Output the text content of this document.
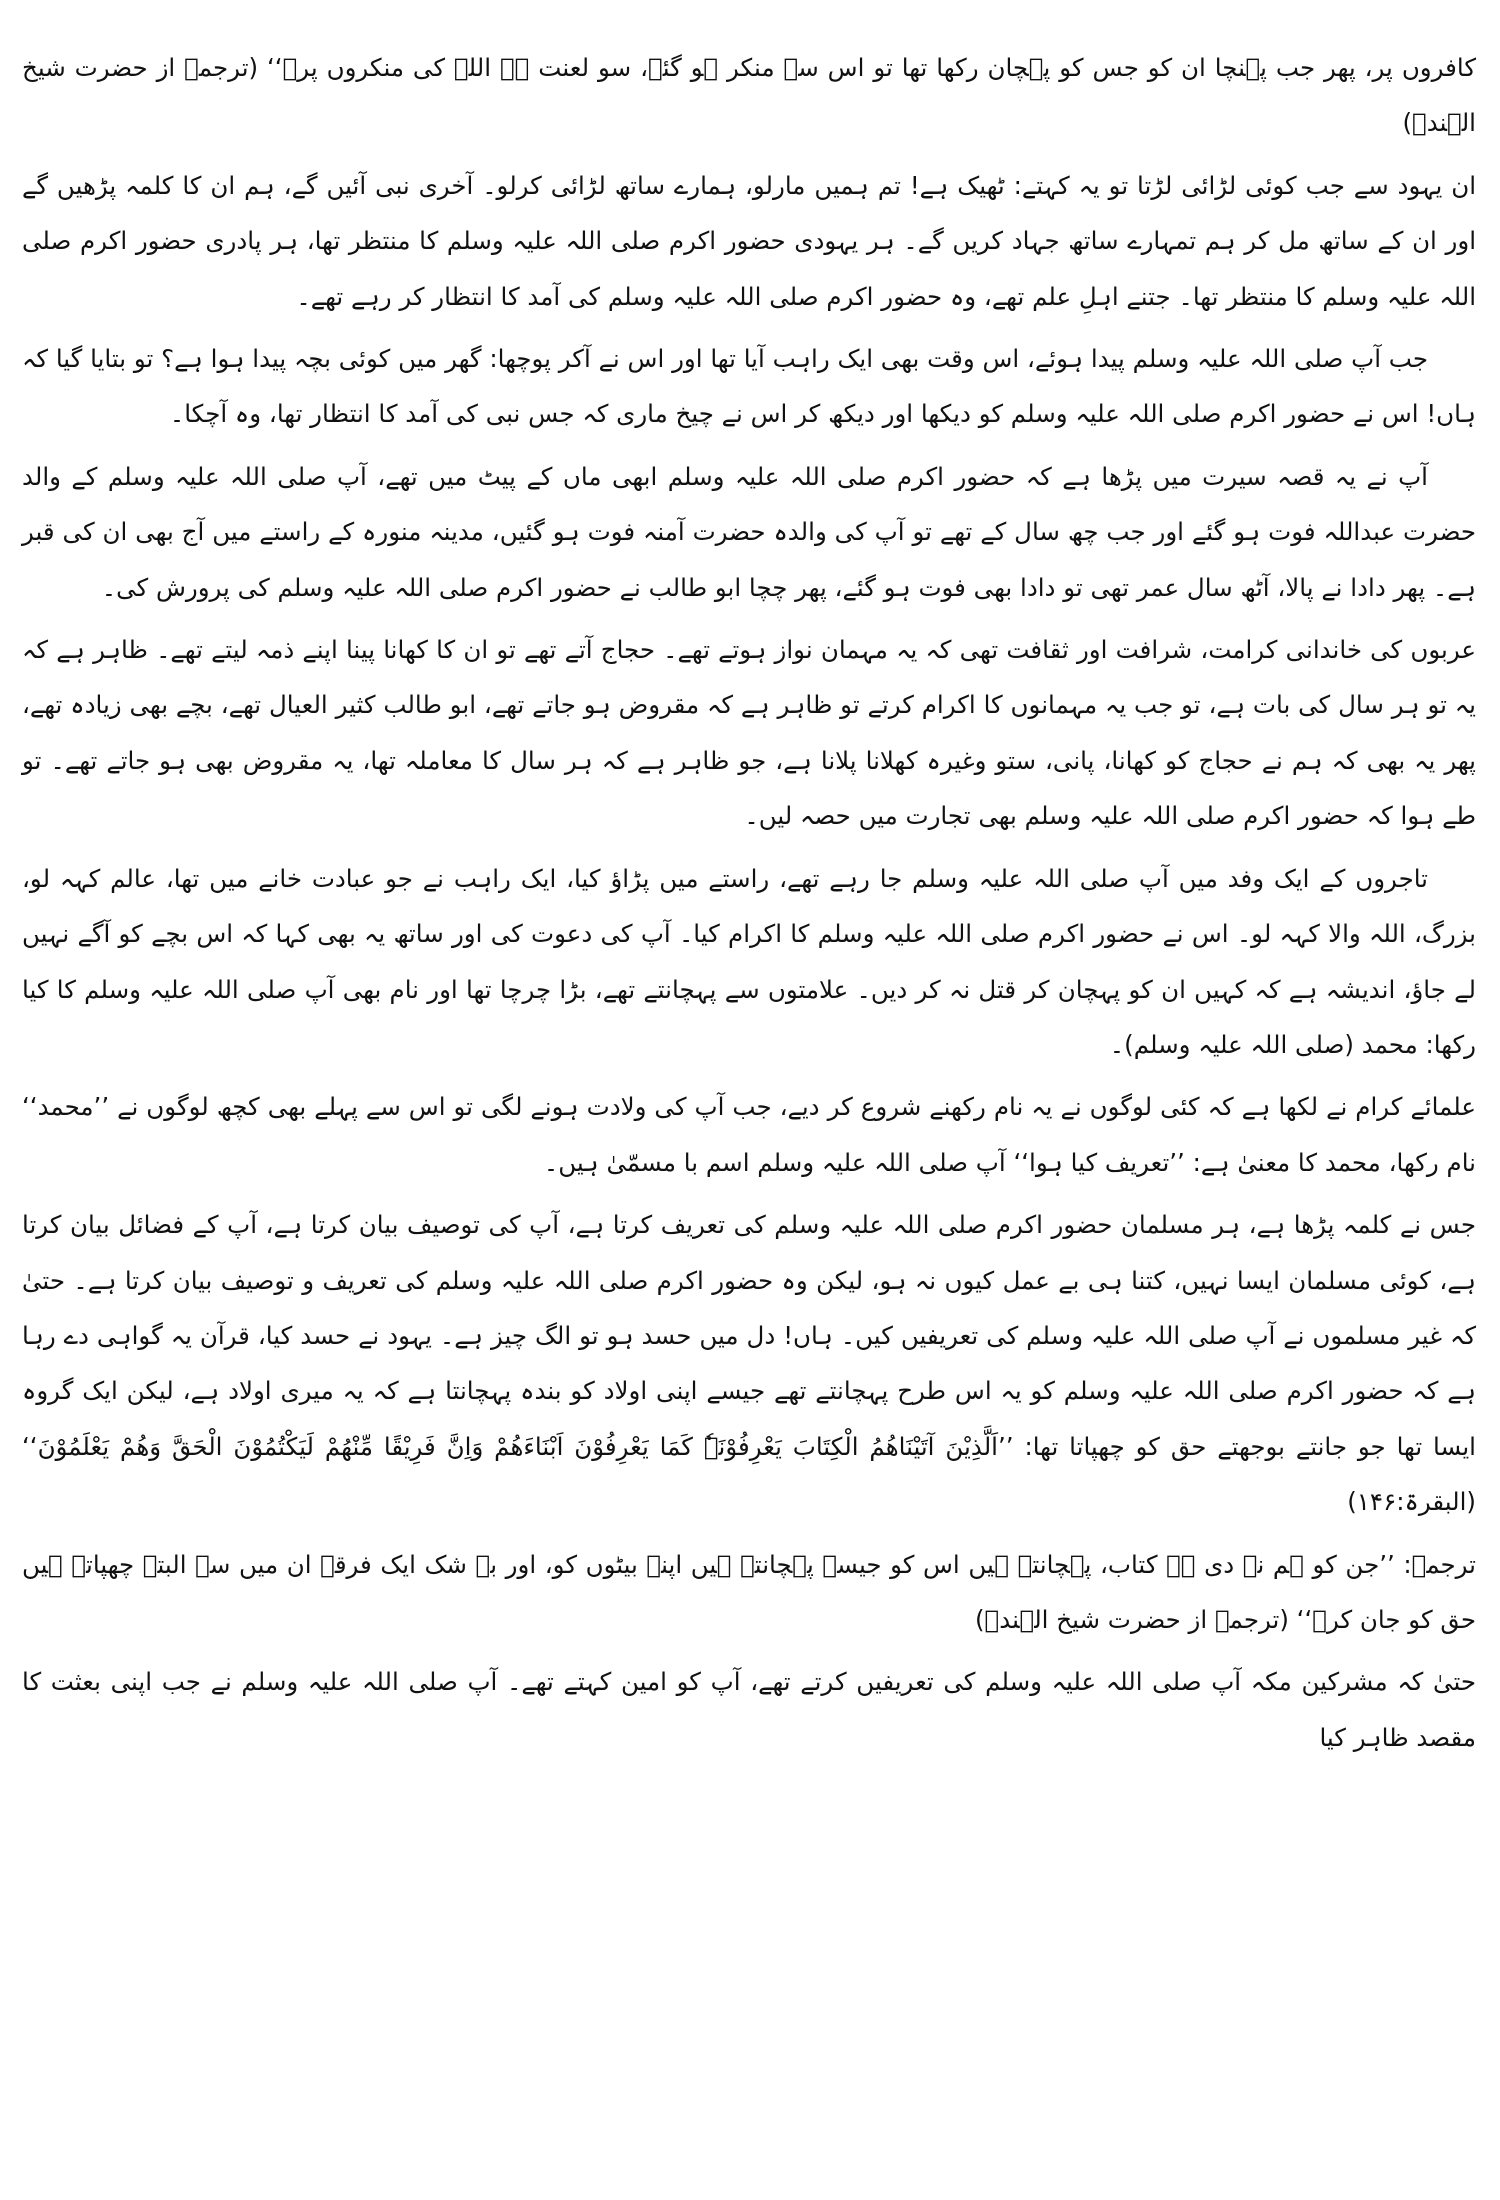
کافروں پر، پھر جب پہنچا ان کو جس کو پہچان رکھا تھا تو اس سے منکر ہو گئے، سو لعنت ہے اللہ کی منکروں پر۔‘‘ (ترجمہ از حضرت شیخ الہندؒ)

ان یہود سے جب کوئی لڑائی لڑتا تو یہ کہتے: ٹھیک ہے! تم ہمیں مارلو، ہمارے ساتھ لڑائی کرلو۔ آخری نبی آئیں گے، ہم ان کا کلمہ پڑھیں گے اور ان کے ساتھ مل کر ہم تمہارے ساتھ جہاد کریں گے۔ ہر یہودی حضور اکرم صلی اللہ علیہ وسلم کا منتظر تھا، ہر پادری حضور اکرم صلی اللہ علیہ وسلم کا منتظر تھا۔ جتنے اہلِ علم تھے، وہ حضور اکرم صلی اللہ علیہ وسلم کی آمد کا انتظار کر رہے تھے۔

جب آپ صلی اللہ علیہ وسلم پیدا ہوئے، اس وقت بھی ایک راہب آیا تھا اور اس نے آکر پوچھا: گھر میں کوئی بچہ پیدا ہوا ہے؟ تو بتایا گیا کہ ہاں! اس نے حضور اکرم صلی اللہ علیہ وسلم کو دیکھا اور دیکھ کر اس نے چیخ ماری کہ جس نبی کی آمد کا انتظار تھا، وہ آچکا۔

آپ نے یہ قصہ سیرت میں پڑھا ہے کہ حضور اکرم صلی اللہ علیہ وسلم ابھی ماں کے پیٹ میں تھے، آپ صلی اللہ علیہ وسلم کے والد حضرت عبداللہ فوت ہو گئے اور جب چھ سال کے تھے تو آپ کی والدہ حضرت آمنہ فوت ہو گئیں، مدینہ منورہ کے راستے میں آج بھی ان کی قبر ہے۔ پھر دادا نے پالا، آٹھ سال عمر تھی تو دادا بھی فوت ہو گئے، پھر چچا ابو طالب نے حضور اکرم صلی اللہ علیہ وسلم کی پرورش کی۔

عربوں کی خاندانی کرامت، شرافت اور ثقافت تھی کہ یہ مہمان نواز ہوتے تھے۔ حجاج آتے تھے تو ان کا کھانا پینا اپنے ذمہ لیتے تھے۔ ظاہر ہے کہ یہ تو ہر سال کی بات ہے، تو جب یہ مہمانوں کا اکرام کرتے تو ظاہر ہے کہ مقروض ہو جاتے تھے، ابو طالب کثیر العیال تھے، بچے بھی زیادہ تھے، پھر یہ بھی کہ ہم نے حجاج کو کھانا، پانی، ستو وغیرہ کھلانا پلانا ہے، جو ظاہر ہے کہ ہر سال کا معاملہ تھا، یہ مقروض بھی ہو جاتے تھے۔ تو طے ہوا کہ حضور اکرم صلی اللہ علیہ وسلم بھی تجارت میں حصہ لیں۔

تاجروں کے ایک وفد میں آپ صلی اللہ علیہ وسلم جا رہے تھے، راستے میں پڑاؤ کیا، ایک راہب نے جو عبادت خانے میں تھا، عالم کہہ لو، بزرگ، اللہ والا کہہ لو۔ اس نے حضور اکرم صلی اللہ علیہ وسلم کا اکرام کیا۔ آپ کی دعوت کی اور ساتھ یہ بھی کہا کہ اس بچے کو آگے نہیں لے جاؤ، اندیشہ ہے کہ کہیں ان کو پہچان کر قتل نہ کر دیں۔ علامتوں سے پہچانتے تھے، بڑا چرچا تھا اور نام بھی آپ صلی اللہ علیہ وسلم کا کیا رکھا: محمد (صلی اللہ علیہ وسلم)۔

علمائے کرام نے لکھا ہے کہ کئی لوگوں نے یہ نام رکھنے شروع کر دیے، جب آپ کی ولادت ہونے لگی تو اس سے پہلے بھی کچھ لوگوں نے ’’محمد‘‘ نام رکھا، محمد کا معنیٰ ہے: ’’تعریف کیا ہوا‘‘ آپ صلی اللہ علیہ وسلم اسم با مسمّیٰ ہیں۔

جس نے کلمہ پڑھا ہے، ہر مسلمان حضور اکرم صلی اللہ علیہ وسلم کی تعریف کرتا ہے، آپ کی توصیف بیان کرتا ہے، آپ کے فضائل بیان کرتا ہے، کوئی مسلمان ایسا نہیں، کتنا ہی بے عمل کیوں نہ ہو، لیکن وہ حضور اکرم صلی اللہ علیہ وسلم کی تعریف و توصیف بیان کرتا ہے۔ حتیٰ کہ غیر مسلموں نے آپ صلی اللہ علیہ وسلم کی تعریفیں کیں۔ ہاں! دل میں حسد ہو تو الگ چیز ہے۔ یہود نے حسد کیا، قرآن یہ گواہی دے رہا ہے کہ حضور اکرم صلی اللہ علیہ وسلم کو یہ اس طرح پہچانتے تھے جیسے اپنی اولاد کو بندہ پہچانتا ہے کہ یہ میری اولاد ہے، لیکن ایک گروہ ایسا تھا جو جانتے بوجھتے حق کو چھپاتا تھا: ’’اَلَّذِیْنَ آتَیْنَاھُمُ الْکِتَابَ یَعْرِفُوْنَہٗ کَمَا یَعْرِفُوْنَ اَبْنَاءَھُمْ وَاِنَّ فَرِیْقًا مِّنْھُمْ لَیَکْتُمُوْنَ الْحَقَّ وَھُمْ یَعْلَمُوْنَ‘‘ (البقرۃ:۱۴۶)

ترجمہ: ’’جن کو ہم نے دی ہے کتاب، پہچانتے ہیں اس کو جیسے پہچانتے ہیں اپنے بیٹوں کو، اور بے شک ایک فرقہ ان میں سے البتہ چھپاتے ہیں حق کو جان کر۔‘‘ (ترجمہ از حضرت شیخ الہندؒ)

حتیٰ کہ مشرکین مکہ آپ صلی اللہ علیہ وسلم کی تعریفیں کرتے تھے، آپ کو امین کہتے تھے۔ آپ صلی اللہ علیہ وسلم نے جب اپنی بعثت کا مقصد ظاہر کیا
